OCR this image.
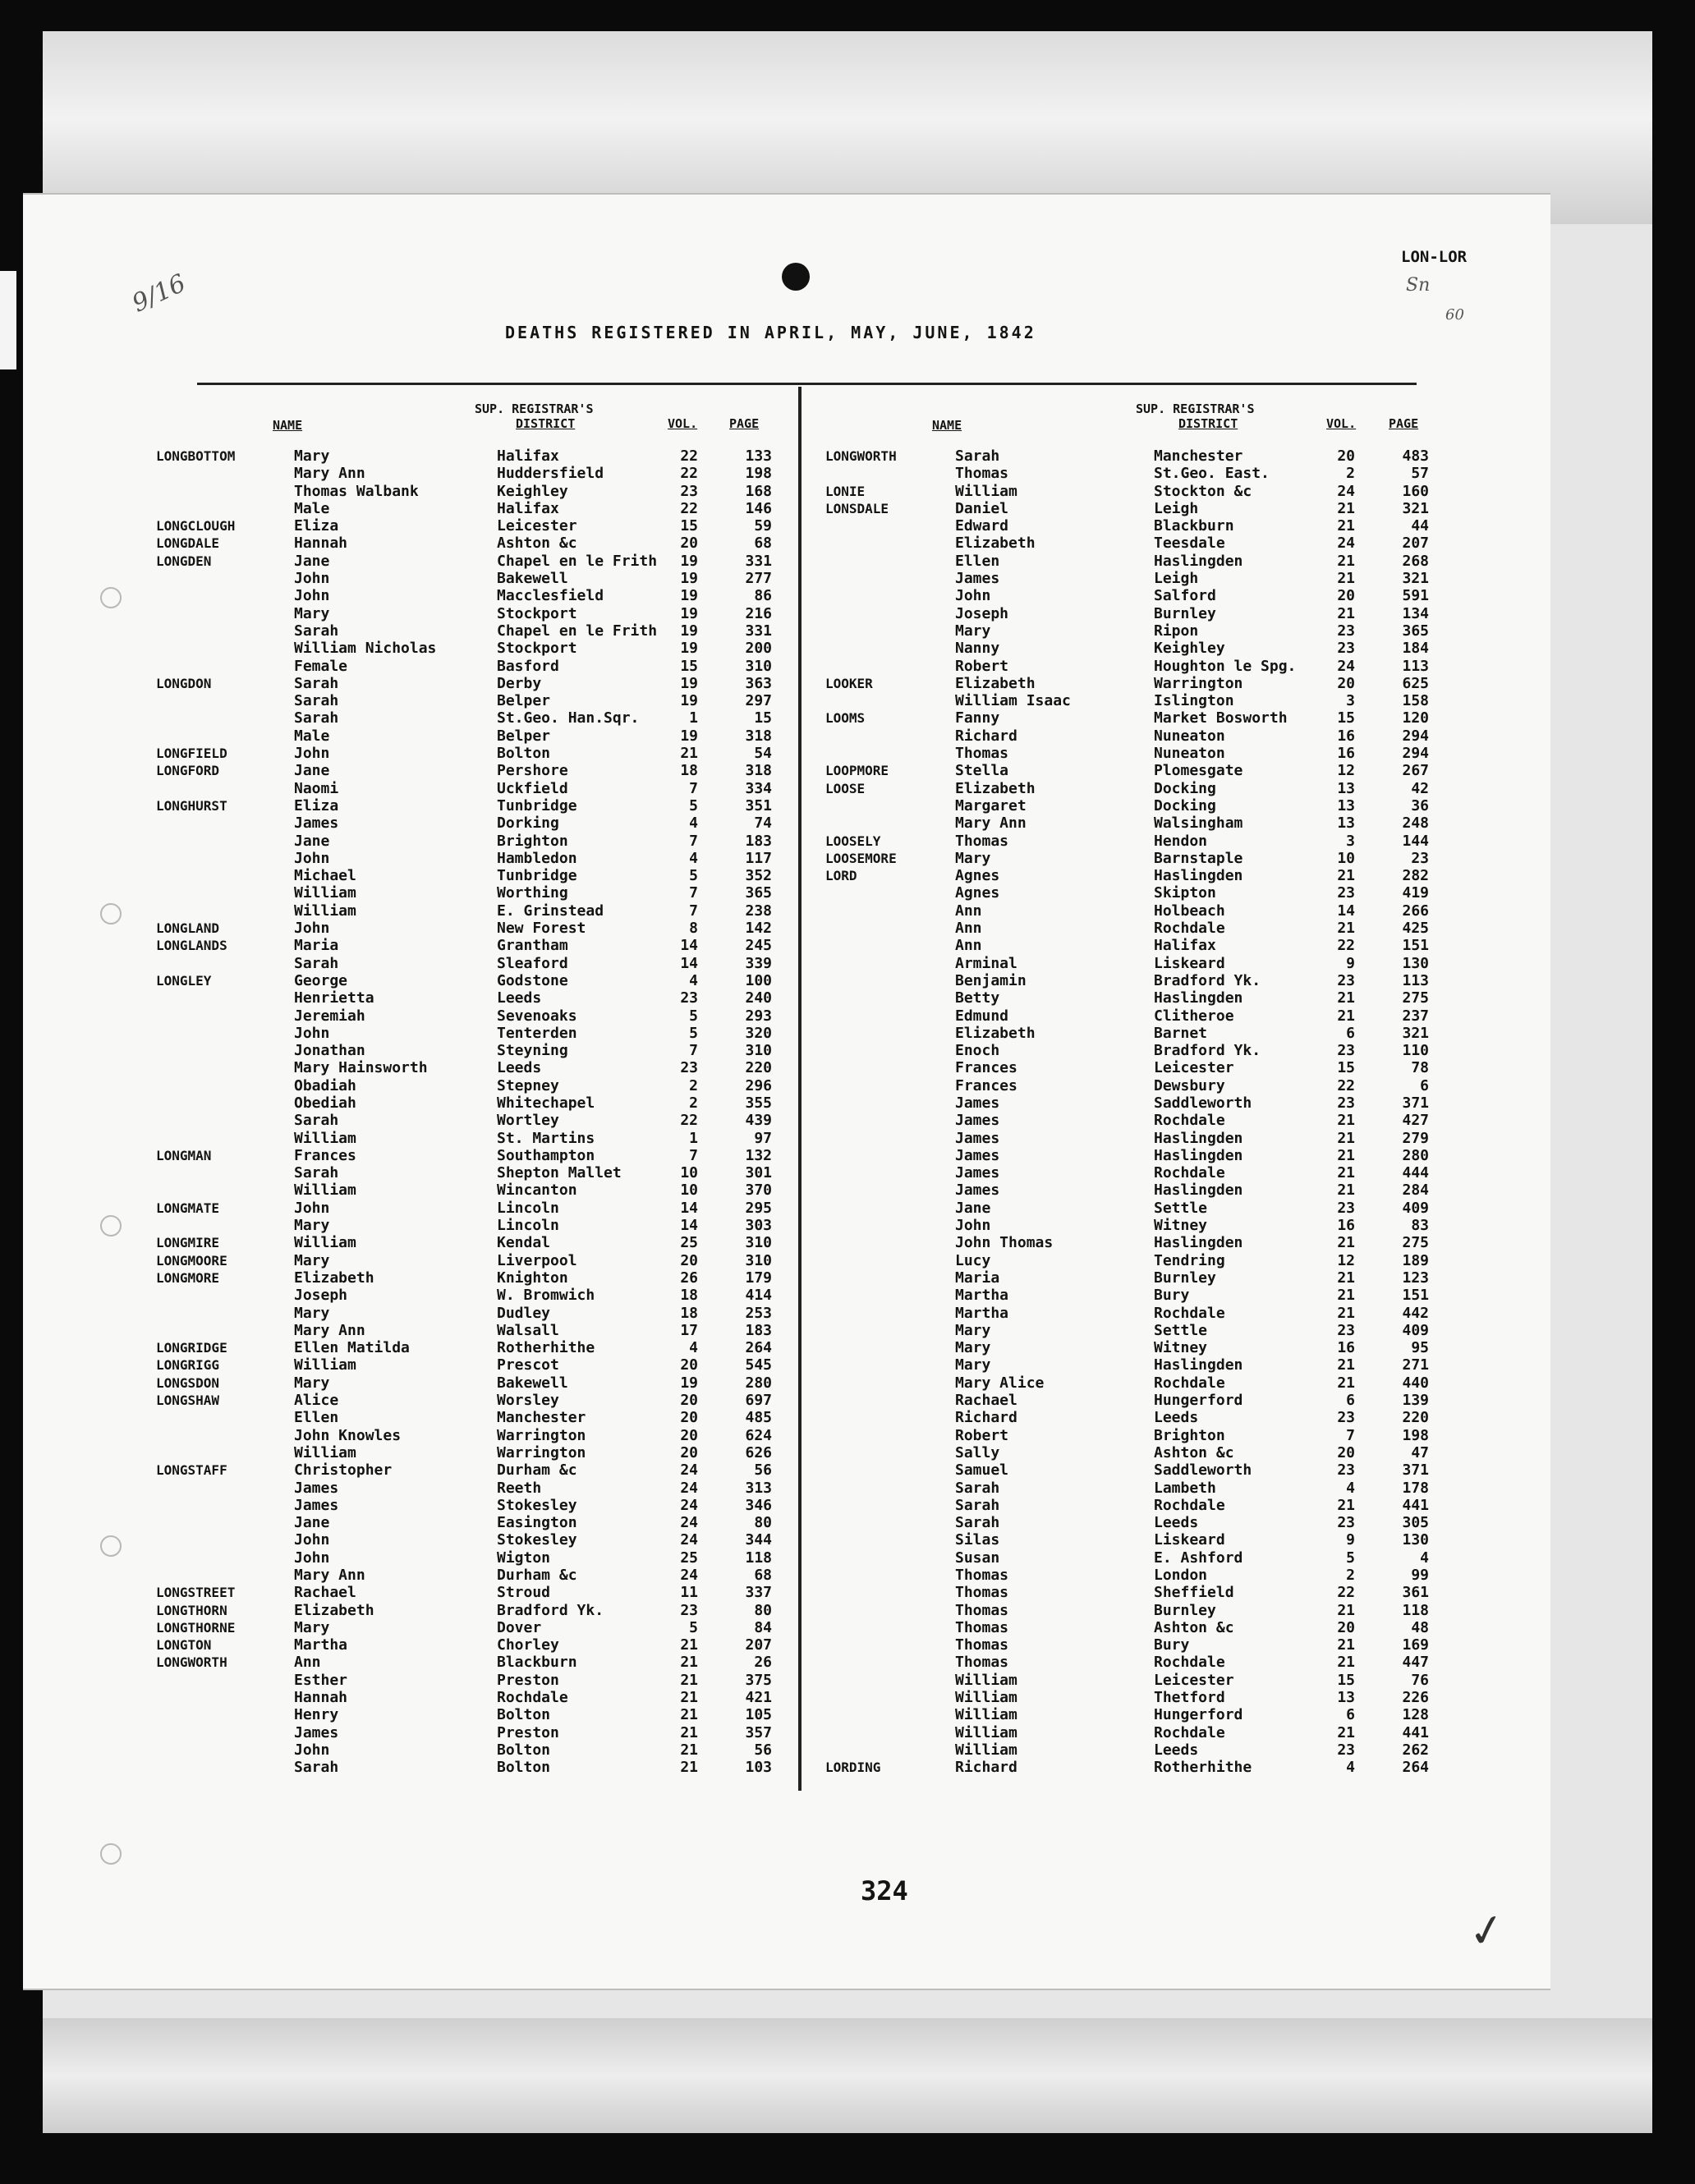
9/16	Sn
60
LON-LOR
DEATHS REGISTERED IN APRIL, MAY, JUNE, 1842
NAME
SUP. REGISTRAR'S
DISTRICT	VOL.	PAGE
LONGBOTTOM	Mary	Halifax	22	133
Mary Ann	Huddersfield	22	198
Thomas Walbank	Keighley	23	168
Male	Halifax	22	146
LONGCLOUGH	Eliza	Leicester	15	59
LONGDALE	Hannah	Ashton &c	20	68
LONGDEN	Jane	Chapel en le Frith	19	331
John	Bakewell	19	277
John	Macclesfield	19	86
Mary	Stockport	19	216
Sarah	Chapel en le Frith	19	331
William Nicholas	Stockport	19	200
Female	Basford	15	310
LONGDON	Sarah	Derby	19	363
Sarah	Belper	19	297
Sarah	St.Geo. Han.Sqr.	1	15
Male	Belper	19	318
LONGFIELD	John	Bolton	21	54
LONGFORD	Jane	Pershore	18	318
Naomi	Uckfield	7	334
LONGHURST	Eliza	Tunbridge	5	351
James	Dorking	4	74
Jane	Brighton	7	183
John	Hambledon	4	117
Michael	Tunbridge	5	352
William	Worthing	7	365
William	E. Grinstead	7	238
LONGLAND	John	New Forest	8	142
LONGLANDS	Maria	Grantham	14	245
Sarah	Sleaford	14	339
LONGLEY	George	Godstone	4	100
Henrietta	Leeds	23	240
Jeremiah	Sevenoaks	5	293
John	Tenterden	5	320
Jonathan	Steyning	7	310
Mary Hainsworth	Leeds	23	220
Obadiah	Stepney	2	296
Obediah	Whitechapel	2	355
Sarah	Wortley	22	439
William	St. Martins	1	97
LONGMAN	Frances	Southampton	7	132
Sarah	Shepton Mallet	10	301
William	Wincanton	10	370
LONGMATE	John	Lincoln	14	295
Mary	Lincoln	14	303
LONGMIRE	William	Kendal	25	310
LONGMOORE	Mary	Liverpool	20	310
LONGMORE	Elizabeth	Knighton	26	179
Joseph	W. Bromwich	18	414
Mary	Dudley	18	253
Mary Ann	Walsall	17	183
LONGRIDGE	Ellen Matilda	Rotherhithe	4	264
LONGRIGG	William	Prescot	20	545
LONGSDON	Mary	Bakewell	19	280
LONGSHAW	Alice	Worsley	20	697
Ellen	Manchester	20	485
John Knowles	Warrington	20	624
William	Warrington	20	626
LONGSTAFF	Christopher	Durham &c	24	56
James	Reeth	24	313
James	Stokesley	24	346
Jane	Easington	24	80
John	Stokesley	24	344
John	Wigton	25	118
Mary Ann	Durham &c	24	68
LONGSTREET	Rachael	Stroud	11	337
LONGTHORN	Elizabeth	Bradford Yk.	23	80
LONGTHORNE	Mary	Dover	5	84
LONGTON	Martha	Chorley	21	207
LONGWORTH	Ann	Blackburn	21	26
Esther	Preston	21	375
Hannah	Rochdale	21	421
Henry	Bolton	21	105
James	Preston	21	357
John	Bolton	21	56
Sarah	Bolton	21	103
NAME
SUP. REGISTRAR'S
DISTRICT	VOL.	PAGE
LONGWORTH	Sarah	Manchester	20	483
Thomas	St.Geo. East.	2	57
LONIE	William	Stockton &c	24	160
LONSDALE	Daniel	Leigh	21	321
Edward	Blackburn	21	44
Elizabeth	Teesdale	24	207
Ellen	Haslingden	21	268
James	Leigh	21	321
John	Salford	20	591
Joseph	Burnley	21	134
Mary	Ripon	23	365
Nanny	Keighley	23	184
Robert	Houghton le Spg.	24	113
LOOKER	Elizabeth	Warrington	20	625
William Isaac	Islington	3	158
LOOMS	Fanny	Market Bosworth	15	120
Richard	Nuneaton	16	294
Thomas	Nuneaton	16	294
LOOPMORE	Stella	Plomesgate	12	267
LOOSE	Elizabeth	Docking	13	42
Margaret	Docking	13	36
Mary Ann	Walsingham	13	248
LOOSELY	Thomas	Hendon	3	144
LOOSEMORE	Mary	Barnstaple	10	23
LORD	Agnes	Haslingden	21	282
Agnes	Skipton	23	419
Ann	Holbeach	14	266
Ann	Rochdale	21	425
Ann	Halifax	22	151
Arminal	Liskeard	9	130
Benjamin	Bradford Yk.	23	113
Betty	Haslingden	21	275
Edmund	Clitheroe	21	237
Elizabeth	Barnet	6	321
Enoch	Bradford Yk.	23	110
Frances	Leicester	15	78
Frances	Dewsbury	22	6
James	Saddleworth	23	371
James	Rochdale	21	427
James	Haslingden	21	279
James	Haslingden	21	280
James	Rochdale	21	444
James	Haslingden	21	284
Jane	Settle	23	409
John	Witney	16	83
John Thomas	Haslingden	21	275
Lucy	Tendring	12	189
Maria	Burnley	21	123
Martha	Bury	21	151
Martha	Rochdale	21	442
Mary	Settle	23	409
Mary	Witney	16	95
Mary	Haslingden	21	271
Mary Alice	Rochdale	21	440
Rachael	Hungerford	6	139
Richard	Leeds	23	220
Robert	Brighton	7	198
Sally	Ashton &c	20	47
Samuel	Saddleworth	23	371
Sarah	Lambeth	4	178
Sarah	Rochdale	21	441
Sarah	Leeds	23	305
Silas	Liskeard	9	130
Susan	E. Ashford	5	4
Thomas	London	2	99
Thomas	Sheffield	22	361
Thomas	Burnley	21	118
Thomas	Ashton &c	20	48
Thomas	Bury	21	169
Thomas	Rochdale	21	447
William	Leicester	15	76
William	Thetford	13	226
William	Hungerford	6	128
William	Rochdale	21	441
William	Leeds	23	262
LORDING	Richard	Rotherhithe	4	264
324
✓
